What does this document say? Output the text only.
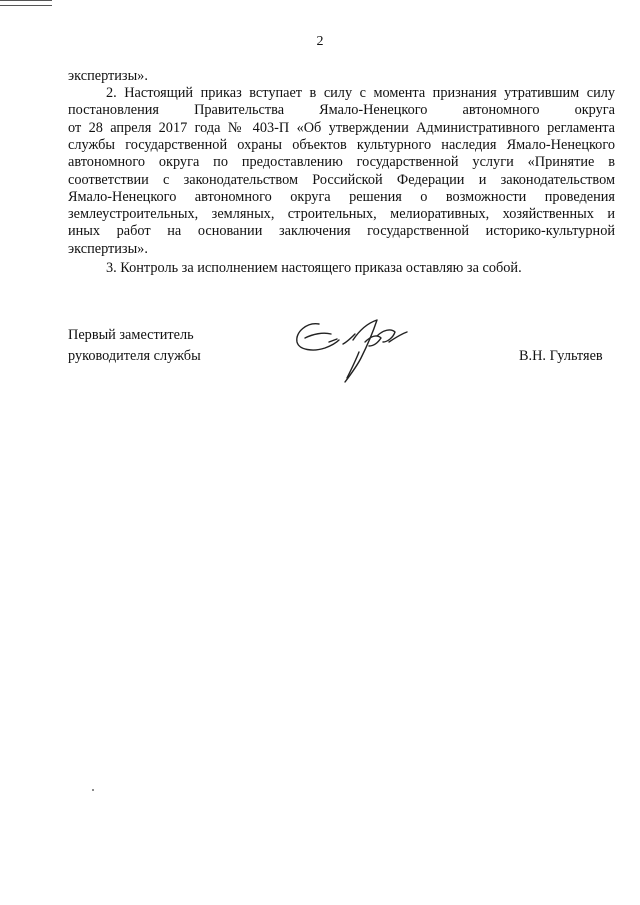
2
экспертизы».
2. Настоящий приказ вступает в силу с момента признания утратившим силу
постановления Правительства Ямало-Ненецкого автономного округа
от 28 апреля 2017 года № 403-П «Об утверждении Административного регламента
службы государственной охраны объектов культурного наследия Ямало-Ненецкого
автономного округа по предоставлению государственной услуги «Принятие в
соответствии с законодательством Российской Федерации и законодательством
Ямало-Ненецкого автономного округа решения о возможности проведения
землеустроительных, земляных, строительных, мелиоративных, хозяйственных и
иных работ на основании заключения государственной историко-культурной
экспертизы».
3. Контроль за исполнением настоящего приказа оставляю за собой.
Первый заместитель
руководителя службы	В.Н. Гультяев
